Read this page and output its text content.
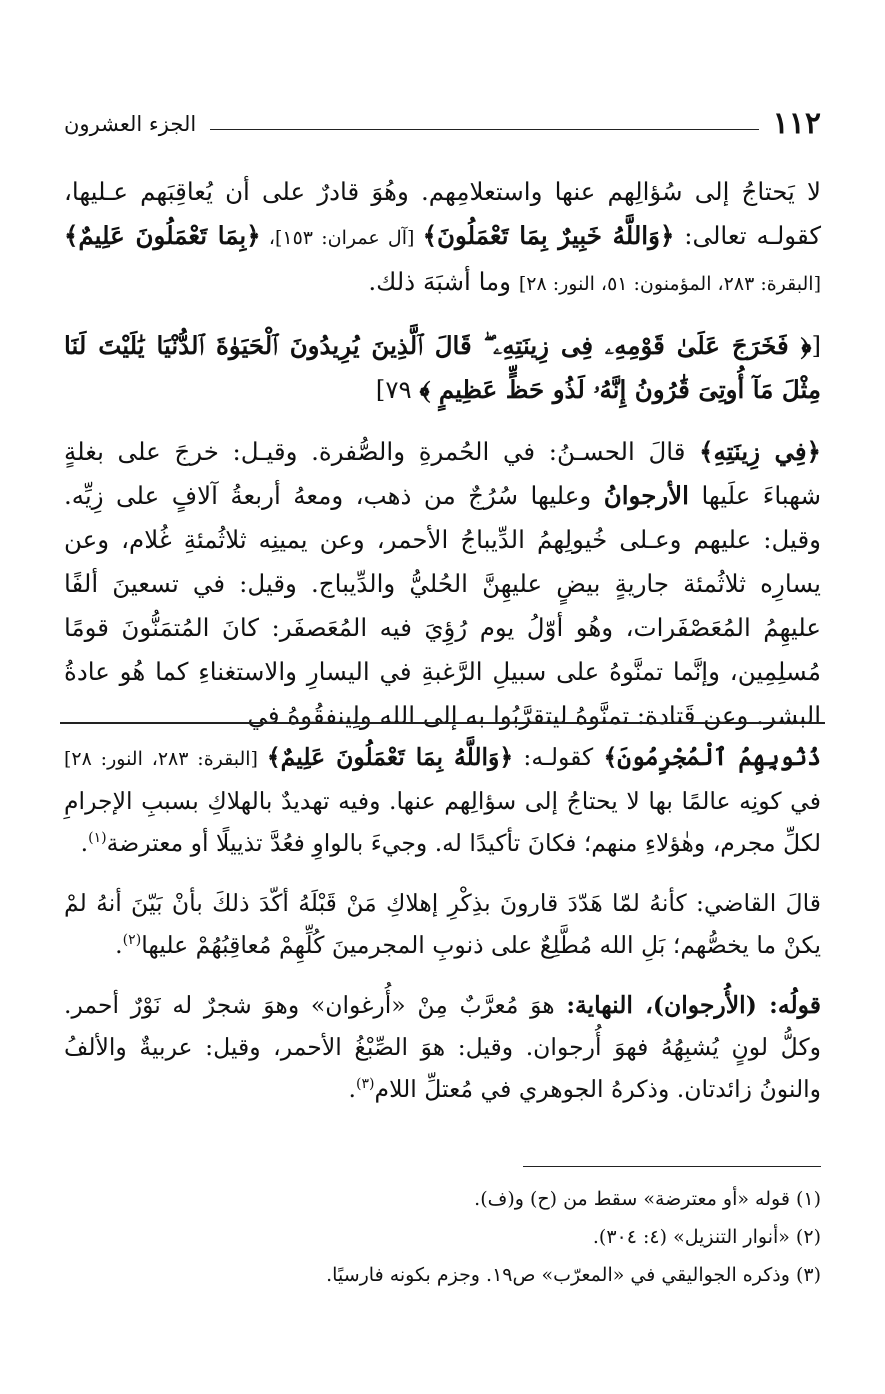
١١٢
الجزء العشرون

لا يَحتاجُ إلى سُؤالِهم عنها واستعلامِهم. وهُوَ قادرٌ على أن يُعاقِبَهم عـليها، كقولـه تعالى: ﴿وَاللَّهُ خَبِيرٌ بِمَا تَعْمَلُونَ﴾ [آل عمران: ١٥٣]، ﴿بِمَا تَعْمَلُونَ عَلِيمٌ﴾ [البقرة: ٢٨٣، المؤمنون: ٥١، النور: ٢٨] وما أشبَهَ ذلك.

[﴿ فَخَرَجَ عَلَىٰ قَوْمِهِۦ فِى زِينَتِهِۦ ۖ قَالَ ٱلَّذِينَ يُرِيدُونَ ٱلْحَيَوٰةَ ٱلدُّنْيَا يَٰلَيْتَ لَنَا مِثْلَ مَآ أُوتِىَ قَٰرُونُ إِنَّهُۥ لَذُو حَظٍّ عَظِيمٍ ﴾ ٧٩]

﴿فِي زِينَتِهِ﴾ قالَ الحسـنُ: في الحُمرةِ والصُّفرة. وقيـل: خرجَ على بغلةٍ شهباءَ علَيها الأرجوانُ وعليها سُرُجٌ من ذهب، ومعهُ أربعةُ آلافٍ على زِيِّه. وقيل: عليهم وعـلى خُيولِهمُ الدِّيباجُ الأحمر، وعن يمينِه ثلاثُمئةِ غُلام، وعن يسارِه ثلاثُمئة جاريةٍ بيضٍ عليهِنَّ الحُليُّ والدِّيباج. وقيل: في تسعينَ ألفًا عليهِمُ المُعَصْفَرات، وهُو أوّلُ يوم رُؤِيَ فيه المُعَصفَر: كانَ المُتمَنُّونَ قومًا مُسلِمِين، وإنَّما تمنَّوهُ على سبيلِ الرَّغبةِ في اليسارِ والاستغناءِ كما هُو عادةُ البشر. وعن قَتادة: تمنَّوهُ ليتقرَّبُوا به إلى الله ولِينفقُوهُ في

ذُنُوبِهِمُ ٱلْمُجْرِمُونَ﴾ كقولـه: ﴿وَاللَّهُ بِمَا تَعْمَلُونَ عَلِيمٌ﴾ [البقرة: ٢٨٣، النور: ٢٨] في كونِه عالمًا بها لا يحتاجُ إلى سؤالِهم عنها. وفيه تهديدٌ بالهلاكِ بسببِ الإجرامِ لكلِّ مجرم، وهٰؤلاءِ منهم؛ فكانَ تأكيدًا له. وجيءَ بالواوِ فعُدَّ تذييلًا أو معترضة$^{(١)}$.

قالَ القاضي: كأنهُ لمّا هَدّدَ قارونَ بذِكْرِ إهلاكِ مَنْ قَبْلَهُ أكّدَ ذلكَ بأنْ بَيّنَ أنهُ لمْ يكنْ ما يخصُّهم؛ بَلِ الله مُطَّلِعٌ على ذنوبِ المجرمينَ كُلِّهِمْ مُعاقِبُهُمْ عليها$^{(٢)}$.

قولُه: (الأُرجوان)، النهاية: هوَ مُعرَّبٌ مِنْ «أُرغوان» وهوَ شجرٌ له نَوْرٌ أحمر. وكلُّ لونٍ يُشبِهُهُ فهوَ أُرجوان. وقيل: هوَ الصِّبْغُ الأحمر، وقيل: عربيةٌ والألفُ والنونُ زائدتان. وذكرهُ الجوهري في مُعتلِّ اللام$^{(٣)}$.

(١) قوله «أو معترضة» سقط من (ح) و(ف).

(٢) «أنوار التنزيل» (٤: ٣٠٤).

(٣) وذكره الجواليقي في «المعرّب» ص١٩. وجزم بكونه فارسيًا.
